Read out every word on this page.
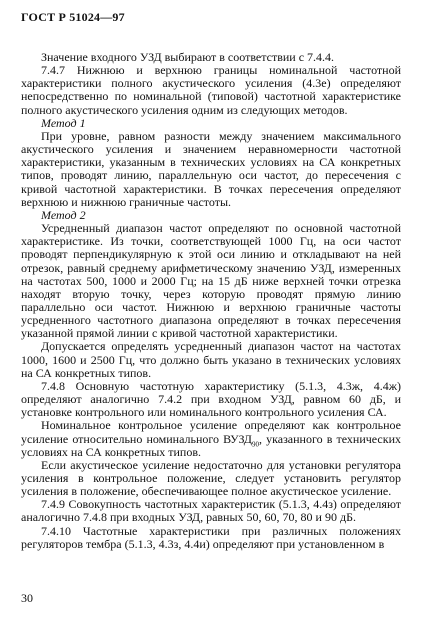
ГОСТ Р 51024—97

Значение входного УЗД выбирают в соответствии с 7.4.4.

7.4.7 Нижнюю и верхнюю границы номинальной частотной характеристики полного акустического усиления (4.3е) определяют непосредственно по номинальной (типовой) частотной характеристике полного акустического усиления одним из следующих методов.

Метод 1

При уровне, равном разности между значением максимального акустического усиления и значением неравномерности частотной характеристики, указанным в технических условиях на СА конкретных типов, проводят линию, параллельную оси частот, до пересечения с кривой частотной характеристики. В точках пересечения определяют верхнюю и нижнюю граничные частоты.

Метод 2

Усредненный диапазон частот определяют по основной частотной характеристике. Из точки, соответствующей 1000 Гц, на оси частот проводят перпендикулярную к этой оси линию и откладывают на ней отрезок, равный среднему арифметическому значению УЗД, измеренных на частотах 500, 1000 и 2000 Гц; на 15 дБ ниже верхней точки отрезка находят вторую точку, через которую проводят прямую линию параллельно оси частот. Нижнюю и верхнюю граничные частоты усредненного частотного диапазона определяют в точках пересечения указанной прямой линии с кривой частотной характеристики.

Допускается определять усредненный диапазон частот на частотах 1000, 1600 и 2500 Гц, что должно быть указано в технических условиях на СА конкретных типов.

7.4.8 Основную частотную характеристику (5.1.3, 4.3ж, 4.4ж) определяют аналогично 7.4.2 при входном УЗД, равном 60 дБ, и установке контрольного или номинального контрольного усиления СА.

Номинальное контрольное усиление определяют как контрольное усиление относительно номинального $ВУЗД_{90}$, указанного в технических условиях на СА конкретных типов.

Если акустическое усиление недостаточно для установки регулятора усиления в контрольное положение, следует установить регулятор усиления в положение, обеспечивающее полное акустическое усиление.

7.4.9 Совокупность частотных характеристик (5.1.3, 4.4з) определяют аналогично 7.4.8 при входных УЗД, равных 50, 60, 70, 80 и 90 дБ.

7.4.10 Частотные характеристики при различных положениях регуляторов тембра (5.1.3, 4.3з, 4.4и) определяют при установленном в

30
